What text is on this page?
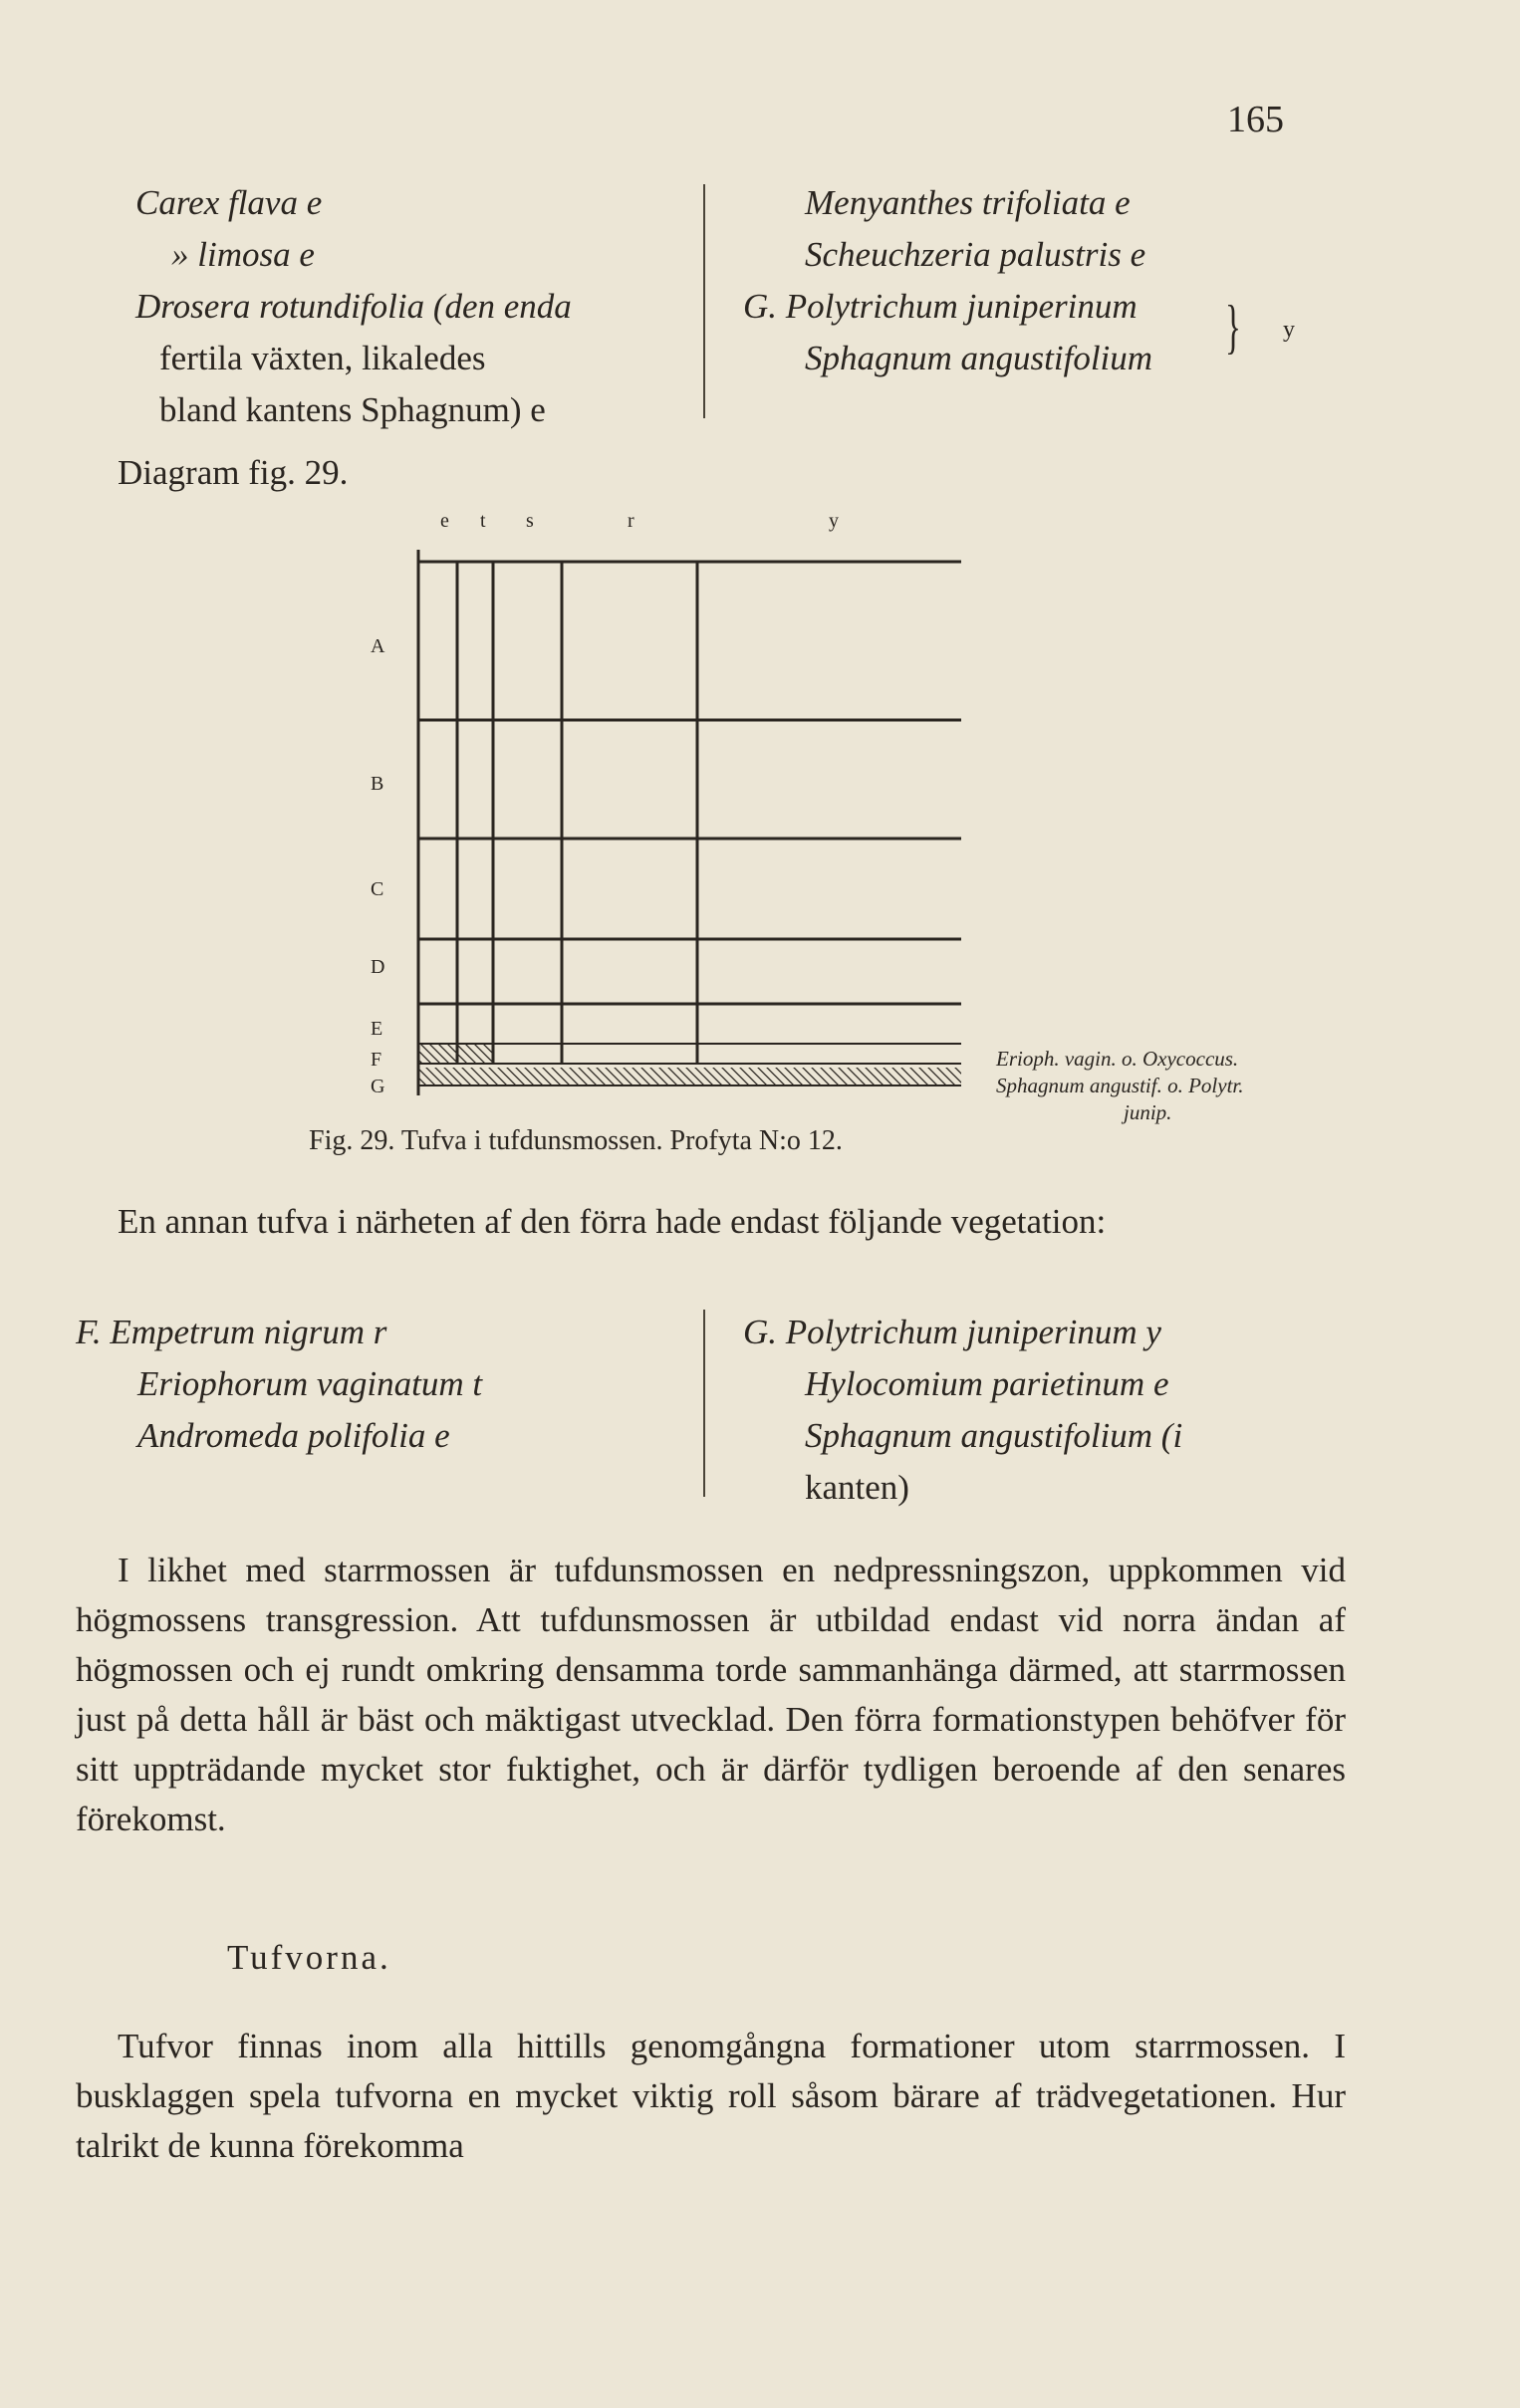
165
Carex flava e
» limosa e
Drosera rotundifolia (den enda
fertila växten, likaledes
bland kantens Sphagnum) e
Menyanthes trifoliata e
Scheuchzeria palustris e
G. Polytrichum juniperinum
Sphagnum angustifolium } y
Diagram fig. 29.
e t s	r	y
A
B
C
D
E
F
G
Erioph. vagin. o. Oxycoccus.
Sphagnum angustif. o. Polytr.
junip.
Fig. 29. Tufva i tufdunsmossen. Profyta N:o 12.
En annan tufva i närheten af den förra hade endast följande vegetation:
F. Empetrum nigrum r
Eriophorum vaginatum t
Andromeda polifolia e
G. Polytrichum juniperinum y
Hylocomium parietinum e
Sphagnum angustifolium (i
kanten)
I likhet med starrmossen är tufdunsmossen en nedpressningszon, uppkommen vid högmossens transgression. Att tufdunsmossen är utbildad endast vid norra ändan af högmossen och ej rundt omkring densamma torde sammanhänga därmed, att starrmossen just på detta håll är bäst och mäktigast utvecklad. Den förra formationstypen behöfver för sitt uppträdande mycket stor fuktighet, och är därför tydligen beroende af den senares förekomst.
Tufvorna.
Tufvor finnas inom alla hittills genomgångna formationer utom starrmossen. I busklaggen spela tufvorna en mycket viktig roll såsom bärare af trädvegetationen. Hur talrikt de kunna förekomma
